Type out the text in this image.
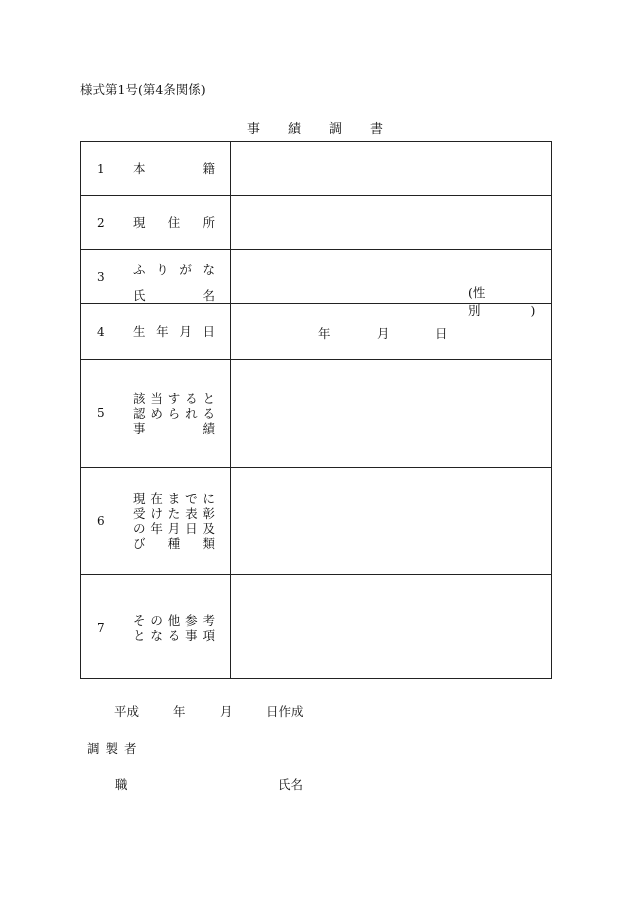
様式第1号(第4条関係)
事 績 調 書
1 本	籍
2 現 住 所
3 ふ り が な
氏	名	(性別　　　　)
4 生 年 月 日	年	月	日
5
該 当 す る と
認 め ら れ る
事	績
6
現 在 ま で に
受 け た 表 彰
の 年 月 日 及
び 種 類
7 そ の 他 参 考
と な る 事 項
平成	年	月	日作成
調 製 者
職	氏名
